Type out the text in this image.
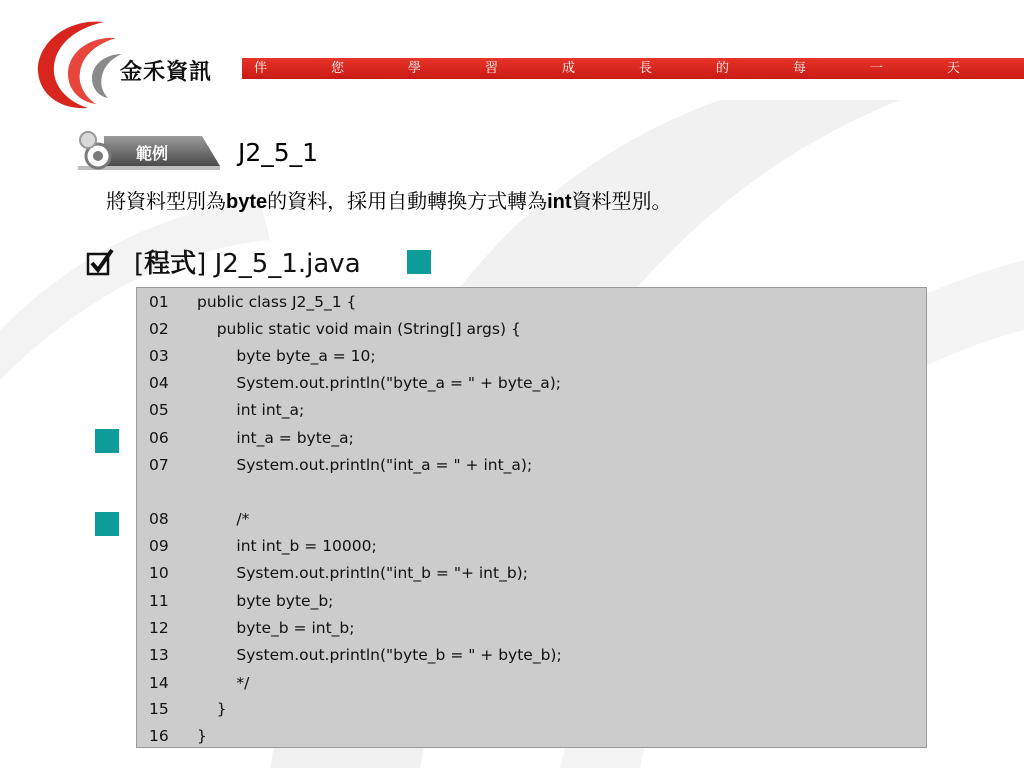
金禾資訊	伴	您	學	習	成	長	的	每	一	天
範例	J2_5_1
將資料型別為byte的資料，採用自動轉換方式轉為int資料型別。
[程式] J2_5_1.java
01 public class J2_5_1 {
02    public static void main (String[] args) {
03        byte byte_a = 10;
04        System.out.println("byte_a = " + byte_a);
05        int int_a;
06        int_a = byte_a;
07        System.out.println("int_a = " + int_a);
08        /*
09        int int_b = 10000;
10        System.out.println("int_b = "+ int_b);
11        byte byte_b;
12        byte_b = int_b;
13        System.out.println("byte_b = " + byte_b);
14        */
15    }
16 }
